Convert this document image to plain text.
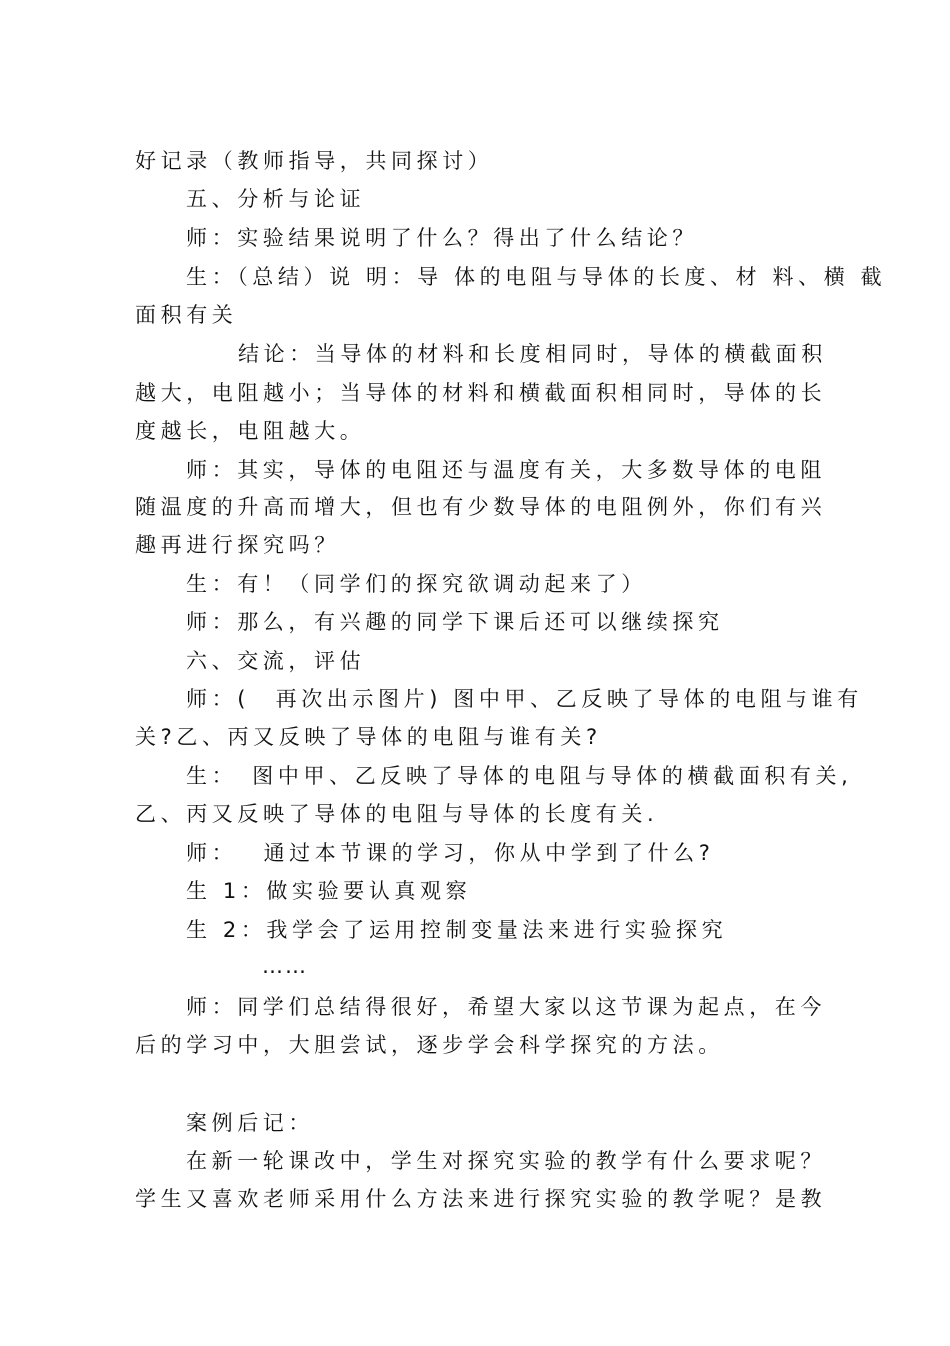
好记录（教师指导，共同探讨）
五、分析与论证
师：实验结果说明了什么？得出了什么结论？
生：（总结）说 明：导 体的电阻与导体的长度、材 料、横 截
面积有关
结论：当导体的材料和长度相同时，导体的横截面积
越大，电阻越小；当导体的材料和横截面积相同时，导体的长
度越长，电阻越大。
师：其实，导体的电阻还与温度有关，大多数导体的电阻
随温度的升高而增大，但也有少数导体的电阻例外，你们有兴
趣再进行探究吗？
生：有！（同学们的探究欲调动起来了）
师：那么，有兴趣的同学下课后还可以继续探究
六、交流，评估
师：(　再次出示图片) 图中甲、乙反映了导体的电阻与谁有
关?乙、丙又反映了导体的电阻与谁有关?
生：　图中甲、乙反映了导体的电阻与导体的横截面积有关,
乙、丙又反映了导体的电阻与导体的长度有关.
师：　 通过本节课的学习，你从中学到了什么?
生 1：做实验要认真观察
生 2：我学会了运用控制变量法来进行实验探究
……
师：同学们总结得很好，希望大家以这节课为起点，在今
后的学习中，大胆尝试，逐步学会科学探究的方法。
案例后记：
在新一轮课改中，学生对探究实验的教学有什么要求呢？
学生又喜欢老师采用什么方法来进行探究实验的教学呢？是教
